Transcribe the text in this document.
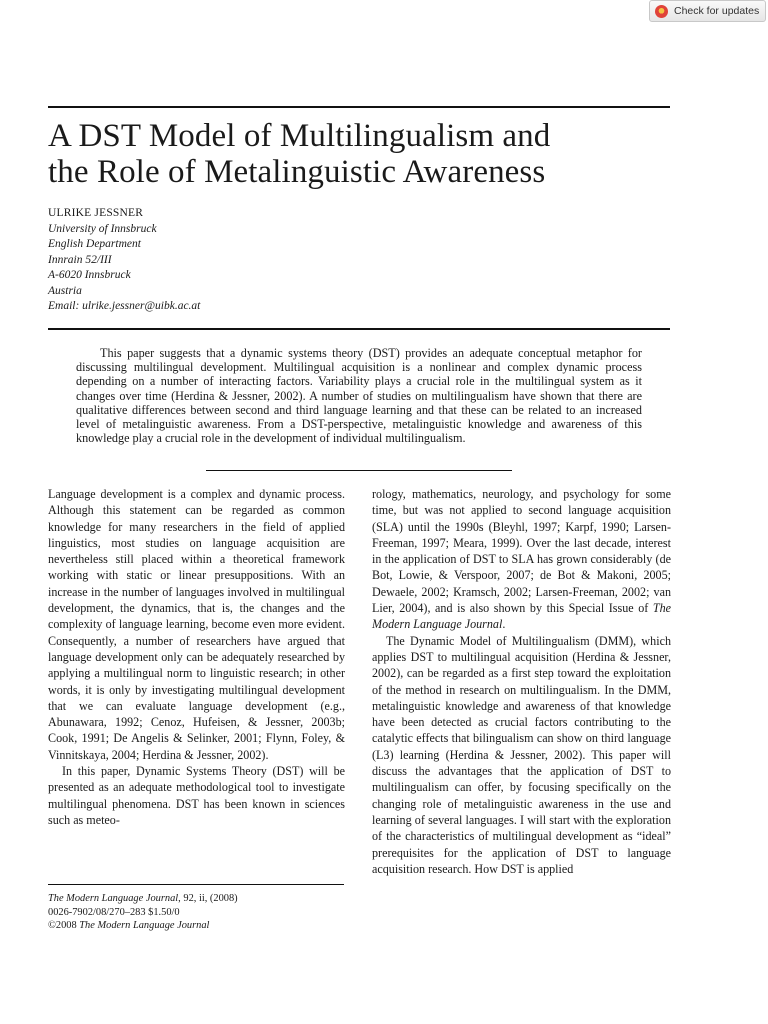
Check for updates
A DST Model of Multilingualism and
the Role of Metalinguistic Awareness
ULRIKE JESSNER
University of Innsbruck
English Department
Innrain 52/III
A-6020 Innsbruck
Austria
Email: ulrike.jessner@uibk.ac.at

This paper suggests that a dynamic systems theory (DST) provides an adequate conceptual metaphor for discussing multilingual development. Multilingual acquisition is a nonlinear and complex dynamic process depending on a number of interacting factors. Variability plays a crucial role in the multilingual system as it changes over time (Herdina & Jessner, 2002). A number of studies on multilingualism have shown that there are qualitative differences between second and third language learning and that these can be related to an increased level of metalinguistic awareness. From a DST-perspective, metalinguistic knowledge and awareness of this knowledge play a crucial role in the development of individual multilingualism.

Language development is a complex and dynamic process. Although this statement can be regarded as common knowledge for many researchers in the field of applied linguistics, most studies on language acquisition are nevertheless still placed within a theoretical framework working with static or linear presuppositions. With an increase in the number of languages involved in multilingual development, the dynamics, that is, the changes and the complexity of language learning, become even more evident. Consequently, a number of researchers have argued that language development only can be adequately researched by applying a multilingual norm to linguistic research; in other words, it is only by investigating multilingual development that we can evaluate language development (e.g., Abunawara, 1992; Cenoz, Hufeisen, & Jessner, 2003b; Cook, 1991; De Angelis & Selinker, 2001; Flynn, Foley, & Vinnitskaya, 2004; Herdina & Jessner, 2002).

In this paper, Dynamic Systems Theory (DST) will be presented as an adequate methodological tool to investigate multilingual phenomena. DST has been known in sciences such as meteo-

rology, mathematics, neurology, and psychology for some time, but was not applied to second language acquisition (SLA) until the 1990s (Bleyhl, 1997; Karpf, 1990; Larsen-Freeman, 1997; Meara, 1999). Over the last decade, interest in the application of DST to SLA has grown considerably (de Bot, Lowie, & Verspoor, 2007; de Bot & Makoni, 2005; Dewaele, 2002; Kramsch, 2002; Larsen-Freeman, 2002; van Lier, 2004), and is also shown by this Special Issue of The Modern Language Journal.

The Dynamic Model of Multilingualism (DMM), which applies DST to multilingual acquisition (Herdina & Jessner, 2002), can be regarded as a first step toward the exploitation of the method in research on multilingualism. In the DMM, metalinguistic knowledge and awareness of that knowledge have been detected as crucial factors contributing to the catalytic effects that bilingualism can show on third language (L3) learning (Herdina & Jessner, 2002). This paper will discuss the advantages that the application of DST to multilingualism can offer, by focusing specifically on the changing role of metalinguistic awareness in the use and learning of several languages. I will start with the exploration of the characteristics of multilingual development as “ideal” prerequisites for the application of DST to language acquisition research. How DST is applied

The Modern Language Journal, 92, ii, (2008)
0026-7902/08/270–283 $1.50/0
©2008 The Modern Language Journal
